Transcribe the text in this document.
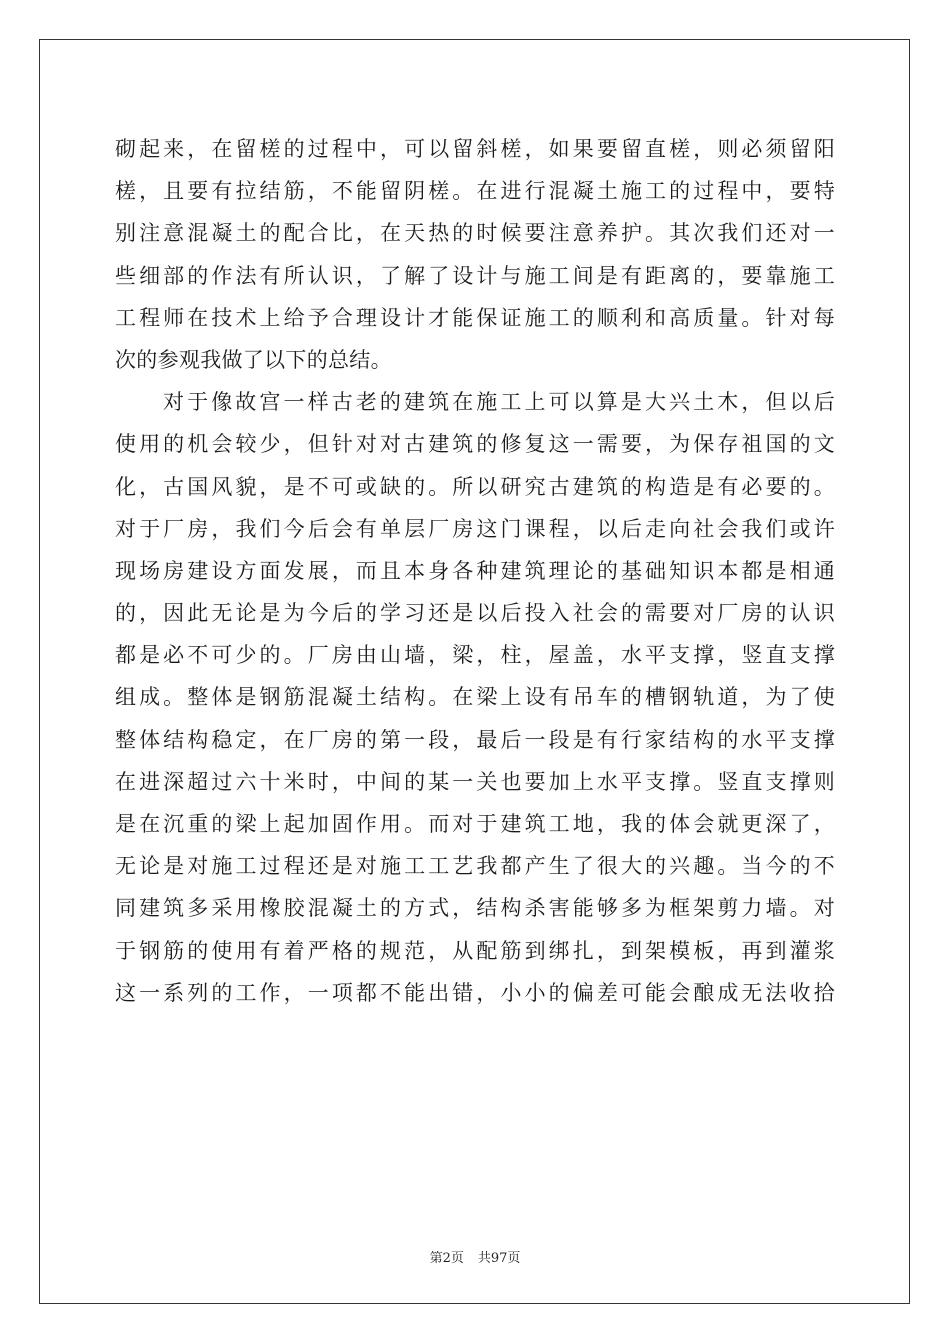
砌起来，在留槎的过程中，可以留斜槎，如果要留直槎，则必须留阳
槎，且要有拉结筋，不能留阴槎。在进行混凝土施工的过程中，要特
别注意混凝土的配合比，在天热的时候要注意养护。其次我们还对一
些细部的作法有所认识，了解了设计与施工间是有距离的，要靠施工
工程师在技术上给予合理设计才能保证施工的顺利和高质量。针对每
次的参观我做了以下的总结。
对于像故宫一样古老的建筑在施工上可以算是大兴土木，但以后
使用的机会较少，但针对对古建筑的修复这一需要，为保存祖国的文
化，古国风貌，是不可或缺的。所以研究古建筑的构造是有必要的。
对于厂房，我们今后会有单层厂房这门课程，以后走向社会我们或许
现场房建设方面发展，而且本身各种建筑理论的基础知识本都是相通
的，因此无论是为今后的学习还是以后投入社会的需要对厂房的认识
都是必不可少的。厂房由山墙，梁，柱，屋盖，水平支撑，竖直支撑
组成。整体是钢筋混凝土结构。在梁上设有吊车的槽钢轨道，为了使
整体结构稳定，在厂房的第一段，最后一段是有行家结构的水平支撑
在进深超过六十米时，中间的某一关也要加上水平支撑。竖直支撑则
是在沉重的梁上起加固作用。而对于建筑工地，我的体会就更深了，
无论是对施工过程还是对施工工艺我都产生了很大的兴趣。当今的不
同建筑多采用橡胶混凝土的方式，结构杀害能够多为框架剪力墙。对
于钢筋的使用有着严格的规范，从配筋到绑扎，到架模板，再到灌浆
这一系列的工作，一项都不能出错，小小的偏差可能会酿成无法收拾
第2页 共97页
